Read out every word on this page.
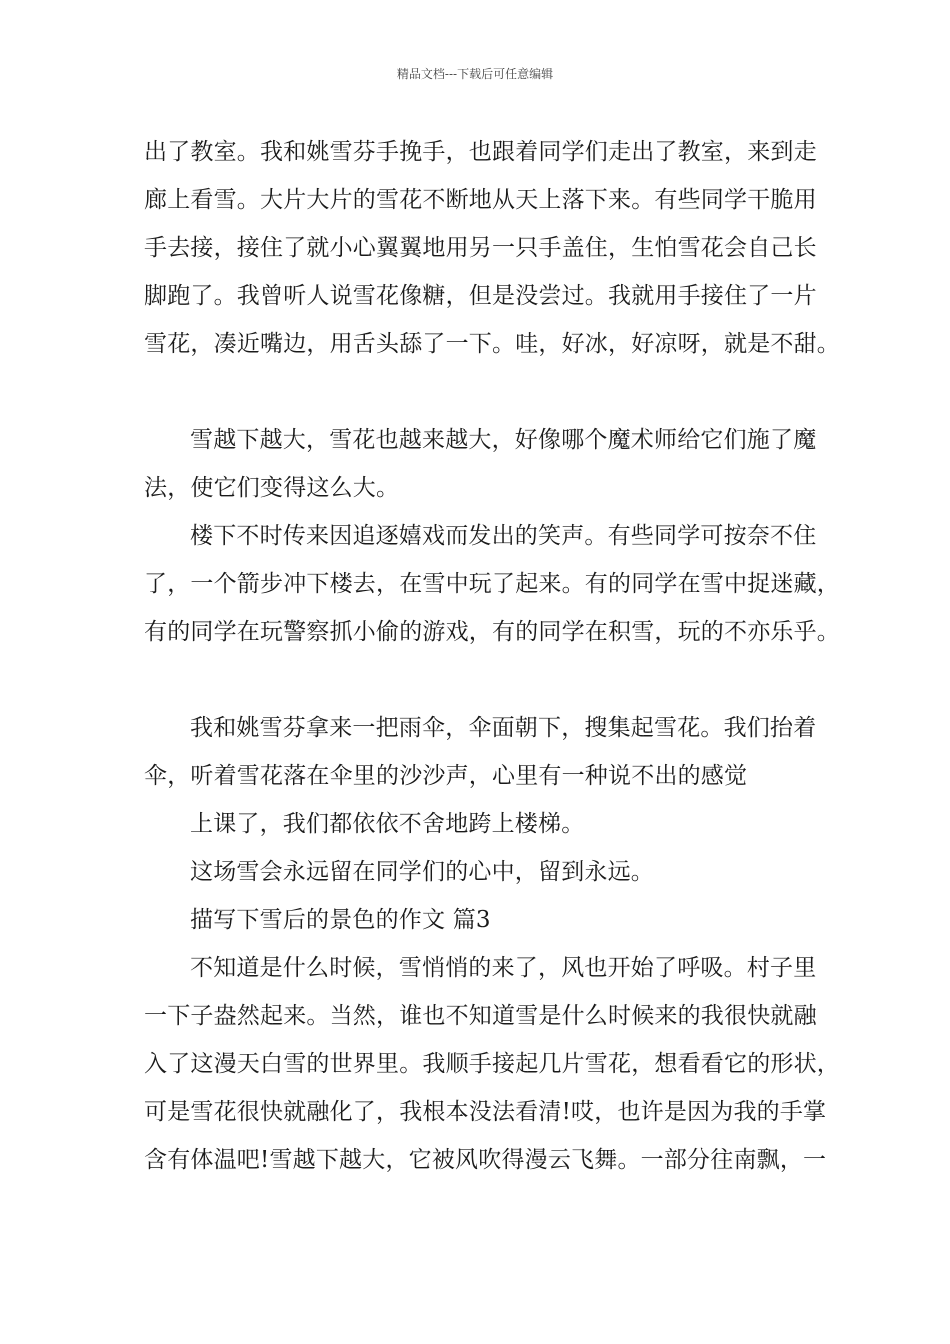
精品文档---下载后可任意编辑
出了教室。我和姚雪芬手挽手，也跟着同学们走出了教室，来到走
廊上看雪。大片大片的雪花不断地从天上落下来。有些同学干脆用
手去接，接住了就小心翼翼地用另一只手盖住，生怕雪花会自己长
脚跑了。我曾听人说雪花像糖，但是没尝过。我就用手接住了一片
雪花，凑近嘴边，用舌头舔了一下。哇，好冰，好凉呀，就是不甜。
雪越下越大，雪花也越来越大，好像哪个魔术师给它们施了魔
法，使它们变得这么大。
楼下不时传来因追逐嬉戏而发出的笑声。有些同学可按奈不住
了，一个箭步冲下楼去，在雪中玩了起来。有的同学在雪中捉迷藏，
有的同学在玩警察抓小偷的游戏，有的同学在积雪，玩的不亦乐乎。
我和姚雪芬拿来一把雨伞，伞面朝下，搜集起雪花。我们抬着
伞，听着雪花落在伞里的沙沙声，心里有一种说不出的感觉
上课了，我们都依依不舍地跨上楼梯。
这场雪会永远留在同学们的心中，留到永远。
描写下雪后的景色的作文 篇3
不知道是什么时候，雪悄悄的来了，风也开始了呼吸。村子里
一下子盎然起来。当然，谁也不知道雪是什么时候来的我很快就融
入了这漫天白雪的世界里。我顺手接起几片雪花，想看看它的形状，
可是雪花很快就融化了，我根本没法看清!哎，也许是因为我的手掌
含有体温吧!雪越下越大，它被风吹得漫云飞舞。一部分往南飘，一
